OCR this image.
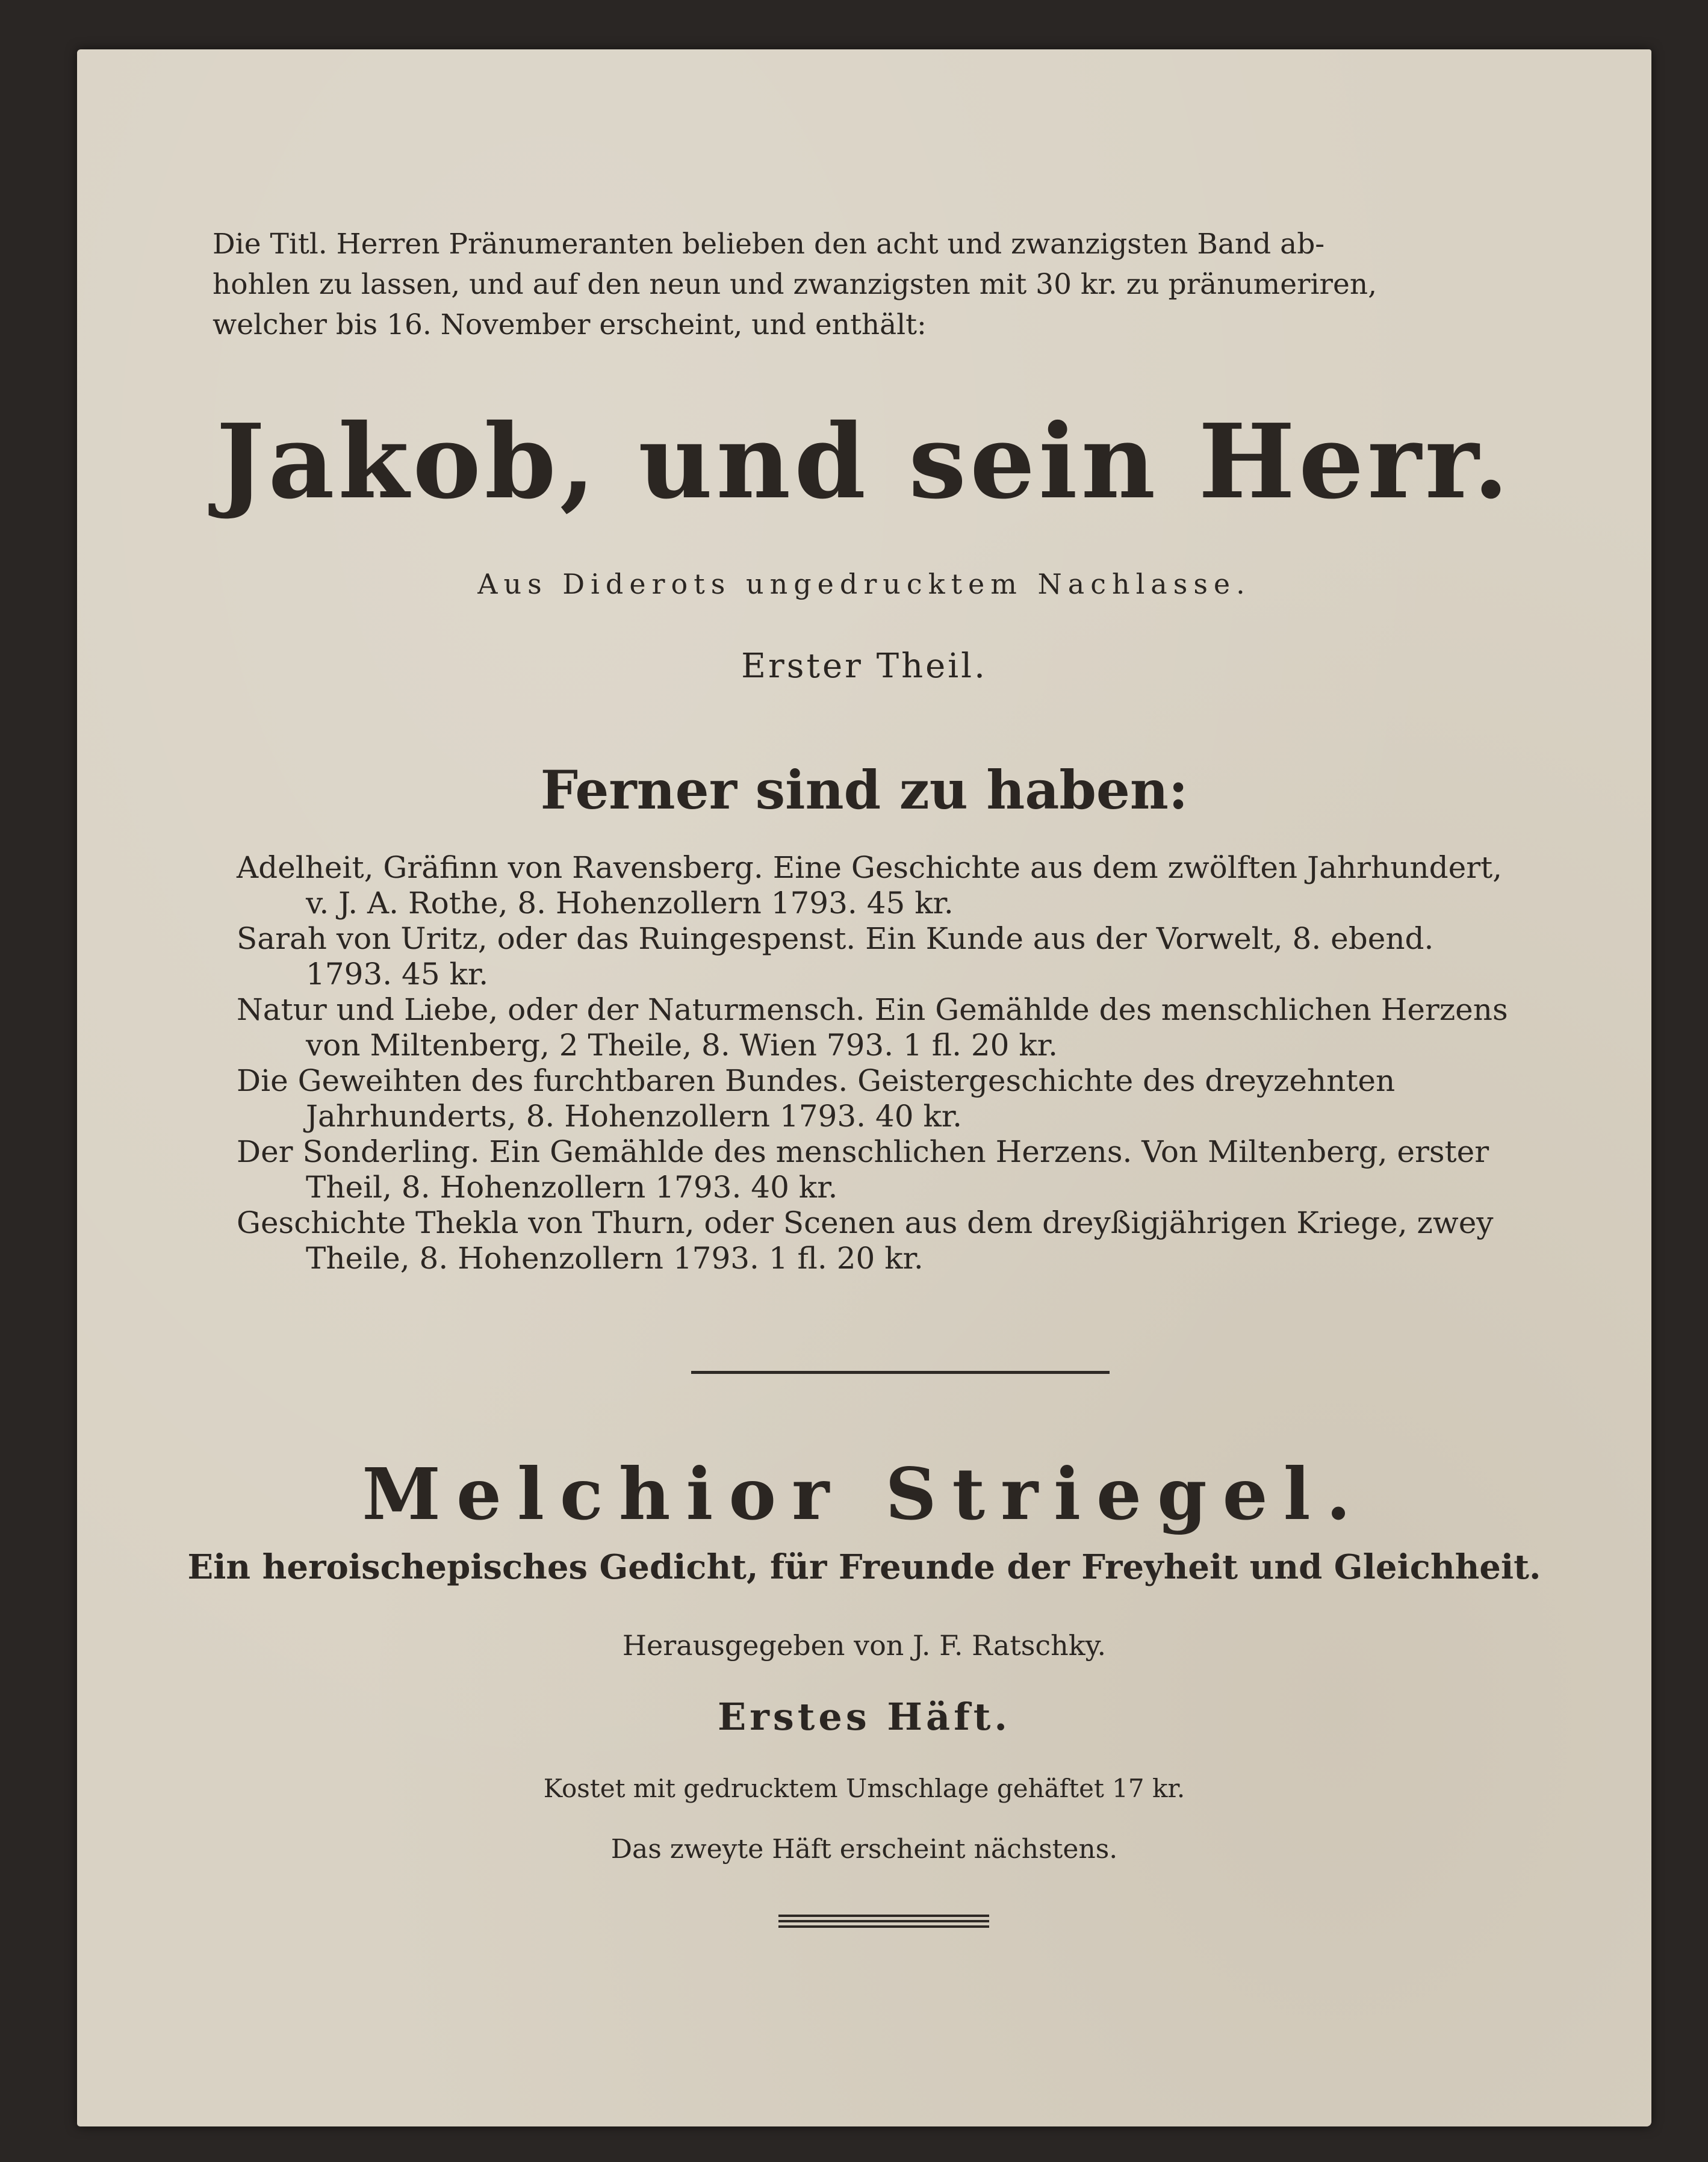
Die Titl. Herren Pränumeranten belieben den acht und zwanzigsten Band ab-
hohlen zu lassen, und auf den neun und zwanzigsten mit 30 kr. zu pränumeriren,
welcher bis 16. November erscheint, und enthält:
Jakob, und sein Herr.
Aus Diderots ungedrucktem Nachlasse.
Erster Theil.
Ferner sind zu haben:
Adelheit, Gräfinn von Ravensberg. Eine Geschichte aus dem zwölften Jahrhundert, v. J. A. Rothe, 8. Hohenzollern 1793. 45 kr.
Sarah von Uritz, oder das Ruingespenst. Ein Kunde aus der Vorwelt, 8. ebend. 1793. 45 kr.
Natur und Liebe, oder der Naturmensch. Ein Gemählde des menschlichen Herzens von Miltenberg, 2 Theile, 8. Wien 793. 1 fl. 20 kr.
Die Geweihten des furchtbaren Bundes. Geistergeschichte des dreyzehnten Jahrhunderts, 8. Hohenzollern 1793. 40 kr.
Der Sonderling. Ein Gemählde des menschlichen Herzens. Von Miltenberg, erster Theil, 8. Hohenzollern 1793. 40 kr.
Geschichte Thekla von Thurn, oder Scenen aus dem dreyßigjährigen Kriege, zwey Theile, 8. Hohenzollern 1793. 1 fl. 20 kr.
Melchior Striegel.
Ein heroischepisches Gedicht, für Freunde der Freyheit und Gleichheit.
Herausgegeben von J. F. Ratschky.
Erstes Häft.
Kostet mit gedrucktem Umschlage gehäftet 17 kr.
Das zweyte Häft erscheint nächstens.
